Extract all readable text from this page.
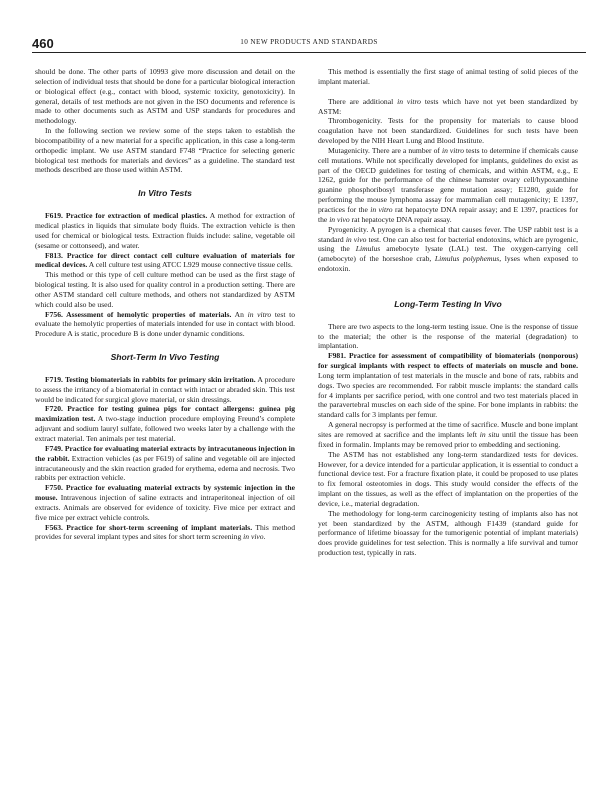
460	10 NEW PRODUCTS AND STANDARDS

should be done. The other parts of 10993 give more discussion and detail on the selection of individual tests that should be done for a particular biological interaction or biological effect (e.g., contact with blood, systemic toxicity, genotoxicity). In general, details of test methods are not given in the ISO documents and reference is made to other documents such as ASTM and USP standards for procedures and methodology.

In the following section we review some of the steps taken to establish the biocompatibility of a new material for a specific application, in this case a long-term orthopedic implant. We use ASTM standard F748 “Practice for selecting generic biological test methods for materials and devices” as a guideline. The standard test methods described are those used within ASTM.

In Vitro Tests

F619. Practice for extraction of medical plastics. A method for extraction of medical plastics in liquids that simulate body fluids. The extraction vehicle is then used for chemical or biological tests. Extraction fluids include: saline, vegetable oil (sesame or cottonseed), and water.

F813. Practice for direct contact cell culture evaluation of materials for medical devices. A cell culture test using ATCC L929 mouse connective tissue cells.

This method or this type of cell culture method can be used as the first stage of biological testing. It is also used for quality control in a production setting. There are other ASTM standard cell culture methods, and others not standardized by ASTM which could also be used.

F756. Assessment of hemolytic properties of materials. An in vitro test to evaluate the hemolytic properties of materials intended for use in contact with blood. Procedure A is static, procedure B is done under dynamic conditions.

Short-Term In Vivo Testing

F719. Testing biomaterials in rabbits for primary skin irritation. A procedure to assess the irritancy of a biomaterial in contact with intact or abraded skin. This test would be indicated for surgical glove material, or skin dressings.

F720. Practice for testing guinea pigs for contact allergens: guinea pig maximization test. A two-stage induction procedure employing Freund’s complete adjuvant and sodium lauryl sulfate, followed two weeks later by a challenge with the extract material. Ten animals per test material.

F749. Practice for evaluating material extracts by intracutaneous injection in the rabbit. Extraction vehicles (as per F619) of saline and vegetable oil are injected intracutaneously and the skin reaction graded for erythema, edema and necrosis. Two rabbits per extraction vehicle.

F750. Practice for evaluating material extracts by systemic injection in the mouse. Intravenous injection of saline extracts and intraperitoneal injection of oil extracts. Animals are observed for evidence of toxicity. Five mice per extract and five mice per extract vehicle controls.

F563. Practice for short-term screening of implant materials. This method provides for several implant types and sites for short term screening in vivo.

This method is essentially the first stage of animal testing of solid pieces of the implant material.

There are additional in vitro tests which have not yet been standardized by ASTM:

Thrombogenicity. Tests for the propensity for materials to cause blood coagulation have not been standardized. Guidelines for such tests have been developed by the NIH Heart Lung and Blood Institute.

Mutagenicity. There are a number of in vitro tests to determine if chemicals cause cell mutations. While not specifically developed for implants, guidelines do exist as part of the OECD guidelines for testing of chemicals, and within ASTM, e.g., E 1262, guide for the performance of the chinese hamster ovary cell/hypoxanthine guanine phosphoribosyl transferase gene mutation assay; E1280, guide for performing the mouse lymphoma assay for mammalian cell mutagenicity; E 1397, practices for the in vitro rat hepatocyte DNA repair assay; and E 1397, practices for the in vivo rat hepatocyte DNA repair assay.

Pyrogenicity. A pyrogen is a chemical that causes fever. The USP rabbit test is a standard in vivo test. One can also test for bacterial endotoxins, which are pyrogenic, using the Limulus amebocyte lysate (LAL) test. The oxygen-carrying cell (amebocyte) of the horseshoe crab, Limulus polyphemus, lyses when exposed to endotoxin.

Long-Term Testing In Vivo

There are two aspects to the long-term testing issue. One is the response of tissue to the material; the other is the response of the material (degradation) to implantation.

F981. Practice for assessment of compatibility of biomaterials (nonporous) for surgical implants with respect to effects of materials on muscle and bone. Long term implantation of test materials in the muscle and bone of rats, rabbits and dogs. Two species are recommended. For rabbit muscle implants: the standard calls for 4 implants per sacrifice period, with one control and two test materials placed in the paravertebral muscles on each side of the spine. For bone implants in rabbits: the standard calls for 3 implants per femur.

A general necropsy is performed at the time of sacrifice. Muscle and bone implant sites are removed at sacrifice and the implants left in situ until the tissue has been fixed in formalin. Implants may be removed prior to embedding and sectioning.

The ASTM has not established any long-term standardized tests for devices. However, for a device intended for a particular application, it is essential to conduct a functional device test. For a fracture fixation plate, it could be proposed to use plates to fix femoral osteotomies in dogs. This study would consider the effects of the implant on the tissues, as well as the effect of implantation on the properties of the device, i.e., material degradation.

The methodology for long-term carcinogenicity testing of implants also has not yet been standardized by the ASTM, although F1439 (standard guide for performance of lifetime bioassay for the tumorigenic potential of implant materials) does provide guidelines for test selection. This is normally a life survival and tumor production test, typically in rats.
